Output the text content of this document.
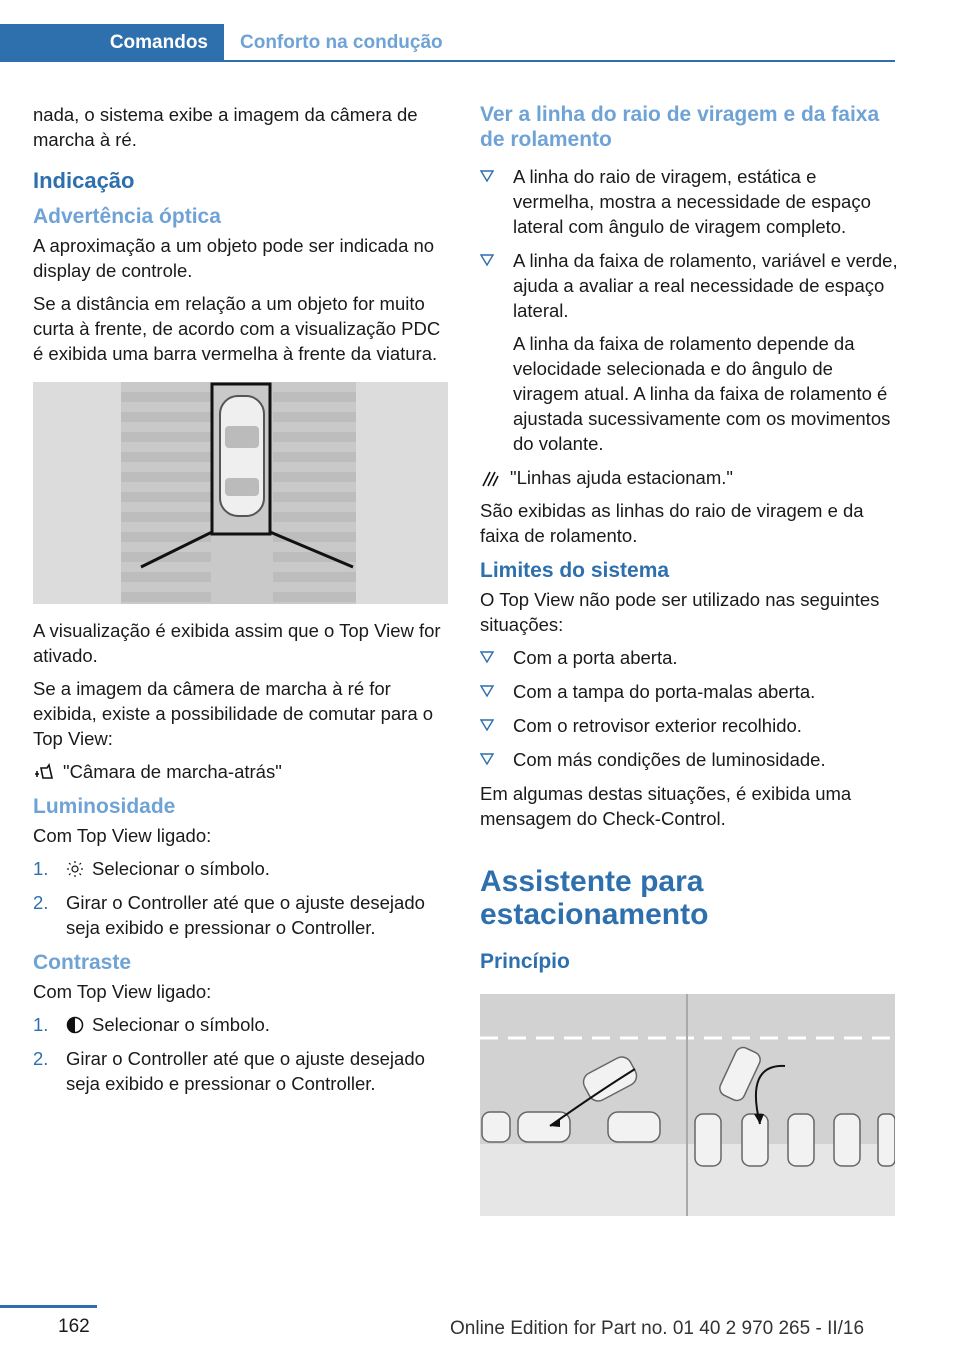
Comandos	Conforto na condução

nada, o sistema exibe a imagem da câmera de marcha à ré.

Indicação
Advertência óptica

A aproximação a um objeto pode ser indicada no display de controle.

Se a distância em relação a um objeto for muito curta à frente, de acordo com a visualização PDC é exibida uma barra vermelha à frente da viatura.

A visualização é exibida assim que o Top View for ativado.

Se a imagem da câmera de marcha à ré for exibida, existe a possibilidade de comutar para o Top View:

"Câmara de marcha-atrás"
Luminosidade

Com Top View ligado:

1. Selecionar o símbolo.
2. Girar o Controller até que o ajuste desejado seja exibido e pressionar o Controller.
Contraste

Com Top View ligado:

1. Selecionar o símbolo.
2. Girar o Controller até que o ajuste desejado seja exibido e pressionar o Controller.
Ver a linha do raio de viragem e da faixa de rolamento
A linha do raio de viragem, estática e vermelha, mostra a necessidade de espaço lateral com ângulo de viragem completo.
A linha da faixa de rolamento, variável e verde, ajuda a avaliar a real necessidade de espaço lateral.
A linha da faixa de rolamento depende da velocidade selecionada e do ângulo de viragem atual. A linha da faixa de rolamento é ajustada sucessivamente com os movimentos do volante.
"Linhas ajuda estacionam."

São exibidas as linhas do raio de viragem e da faixa de rolamento.

Limites do sistema

O Top View não pode ser utilizado nas seguintes situações:

Com a porta aberta.
Com a tampa do porta-malas aberta.
Com o retrovisor exterior recolhido.
Com más condições de luminosidade.

Em algumas destas situações, é exibida uma mensagem do Check-Control.

Assistente para estacionamento
Princípio
162	Online Edition for Part no. 01 40 2 970 265 - II/16
